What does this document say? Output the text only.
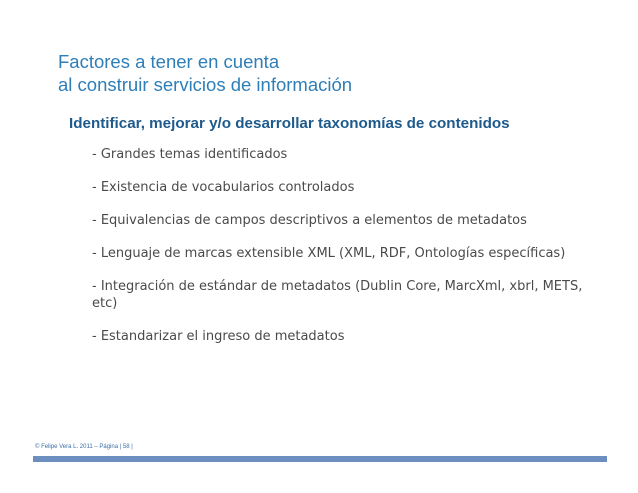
Factores a tener en cuenta
al construir servicios de información
Identificar, mejorar y/o desarrollar taxonomías de contenidos
- Grandes temas identificados
- Existencia de vocabularios controlados
- Equivalencias de campos descriptivos a elementos de metadatos
- Lenguaje de marcas extensible XML (XML, RDF, Ontologías específicas)
- Integración de estándar de metadatos (Dublin Core, MarcXml, xbrl, METS, etc)
- Estandarizar el ingreso de metadatos
© Felipe Vera L. 2011 – Página | 58 |
